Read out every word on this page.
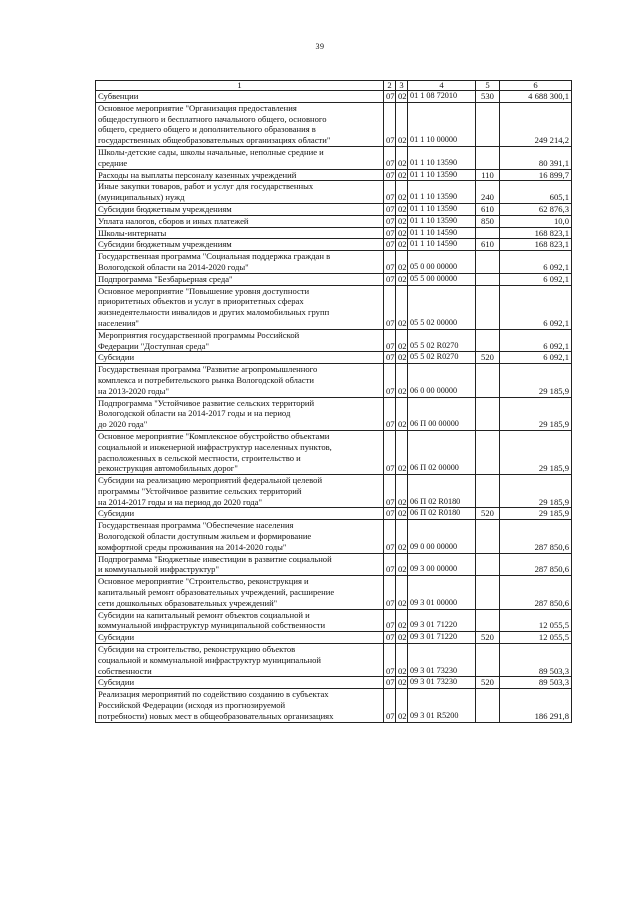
39
1	2	3	4	5	6
Субвенции	07	02	01 1 08 72010	530	4 688 300,1
Основное мероприятие "Организация предоставления
общедоступного и бесплатного начального общего, основного
общего, среднего общего и дополнительного образования в
государственных общеобразовательных организациях области"	07	02	01 1 10 00000		249 214,2
Школы-детские сады, школы начальные, неполные средние и
средние	07	02	01 1 10 13590		80 391,1
Расходы на выплаты персоналу казенных учреждений	07	02	01 1 10 13590	110	16 899,7
Иные закупки товаров, работ и услуг для государственных
(муниципальных) нужд	07	02	01 1 10 13590	240	605,1
Субсидии бюджетным учреждениям	07	02	01 1 10 13590	610	62 876,3
Уплата налогов, сборов и иных платежей	07	02	01 1 10 13590	850	10,0
Школы-интернаты	07	02	01 1 10 14590		168 823,1
Субсидии бюджетным учреждениям	07	02	01 1 10 14590	610	168 823,1
Государственная программа "Социальная поддержка граждан в
Вологодской области на 2014-2020 годы"	07	02	05 0 00 00000		6 092,1
Подпрограмма "Безбарьерная среда"	07	02	05 5 00 00000		6 092,1
Основное мероприятие "Повышение уровня доступности
приоритетных объектов и услуг в приоритетных сферах
жизнедеятельности инвалидов и других маломобильных групп
населения"	07	02	05 5 02 00000		6 092,1
Мероприятия государственной программы Российской
Федерации "Доступная среда"	07	02	05 5 02 R0270		6 092,1
Субсидии	07	02	05 5 02 R0270	520	6 092,1
Государственная программа "Развитие агропромышленного
комплекса и потребительского рынка Вологодской области
на 2013-2020 годы"	07	02	06 0 00 00000		29 185,9
Подпрограмма "Устойчивое развитие сельских территорий
Вологодской области на 2014-2017 годы и на период
до 2020 года"	07	02	06 П 00 00000		29 185,9
Основное мероприятие "Комплексное обустройство объектами
социальной и инженерной инфраструктур населенных пунктов,
расположенных в сельской местности, строительство и
реконструкция автомобильных дорог"	07	02	06 П 02 00000		29 185,9
Субсидии на реализацию мероприятий федеральной целевой
программы "Устойчивое развитие сельских территорий
на 2014-2017 годы и на период до 2020 года"	07	02	06 П 02 R0180		29 185,9
Субсидии	07	02	06 П 02 R0180	520	29 185,9
Государственная программа "Обеспечение населения
Вологодской области доступным жильем и формирование
комфортной среды проживания на 2014-2020 годы"	07	02	09 0 00 00000		287 850,6
Подпрограмма "Бюджетные инвестиции в развитие социальной
и коммунальной инфраструктур"	07	02	09 3 00 00000		287 850,6
Основное мероприятие "Строительство, реконструкция и
капитальный ремонт образовательных учреждений, расширение
сети дошкольных образовательных учреждений"	07	02	09 3 01 00000		287 850,6
Субсидии на капитальный ремонт объектов социальной и
коммунальной инфраструктур муниципальной собственности	07	02	09 3 01 71220		12 055,5
Субсидии	07	02	09 3 01 71220	520	12 055,5
Субсидии на строительство, реконструкцию объектов
социальной и коммунальной инфраструктур муниципальной
собственности	07	02	09 3 01 73230		89 503,3
Субсидии	07	02	09 3 01 73230	520	89 503,3
Реализация мероприятий по содействию созданию в субъектах
Российской Федерации (исходя из прогнозируемой
потребности) новых мест в общеобразовательных организациях	07	02	09 3 01 R5200		186 291,8
